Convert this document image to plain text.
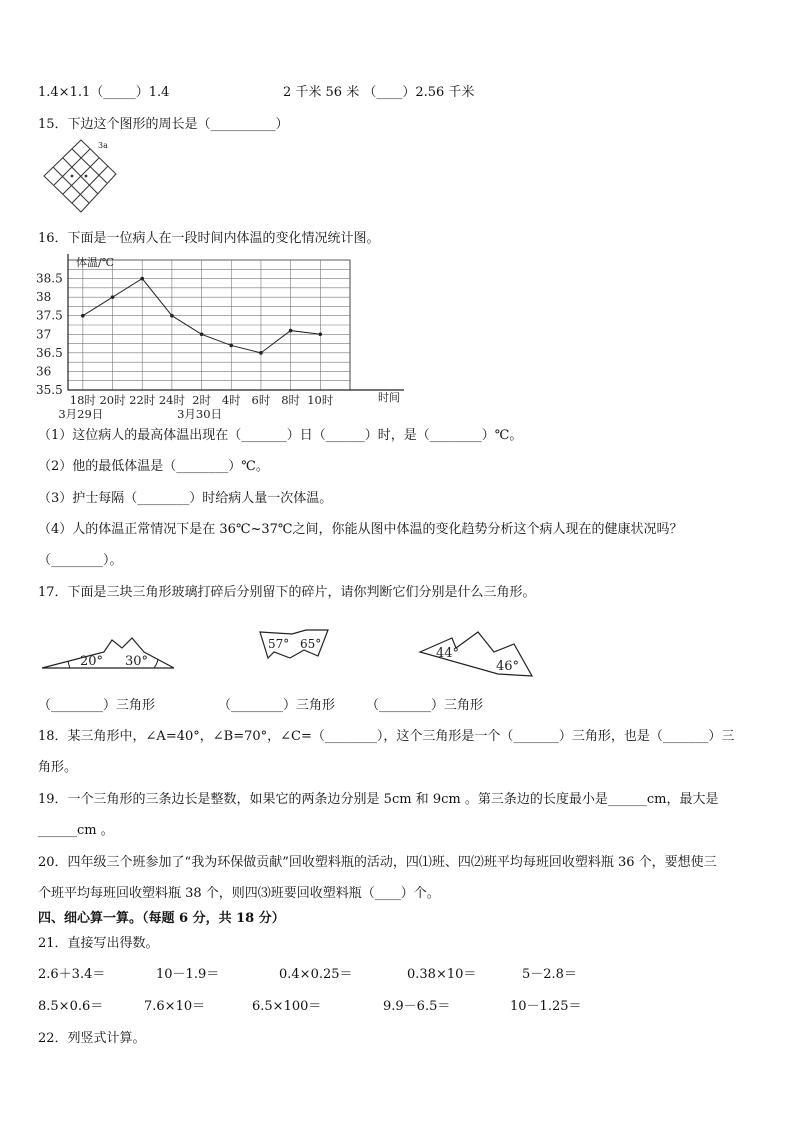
1.4×1.1（_____）1.4	2 千米 56 米 （____）2.56 千米
15．下边这个图形的周长是（__________）
3a
16．下面是一位病人在一段时间内体温的变化情况统计图。
35.5
36
36.5
37
37.5
38
38.5
体温/℃
18时 20时 22时 24时 2时 4时 6时 8时 10时	时间
3月29日	3月30日
（1）这位病人的最高体温出现在（_______）日（______）时，是（________）℃。
（2）他的最低体温是（________）℃。
（3）护士每隔（________）时给病人量一次体温。
（4）人的体温正常情况下是在 36℃~37℃之间，你能从图中体温的变化趋势分析这个病人现在的健康状况吗？
（________）。
17．下面是三块三角形玻璃打碎后分别留下的碎片，请你判断它们分别是什么三角形。
20° 30°
57° 65°
44°
46°
（________）三角形	（________）三角形 （________）三角形
18．某三角形中，∠A=40°，∠B=70°，∠C=（________），这个三角形是一个（_______）三角形，也是（_______）三
角形。
19．一个三角形的三条边长是整数，如果它的两条边分别是 5cm 和 9cm 。第三条边的长度最小是______cm，最大是
______cm 。
20．四年级三个班参加了“我为环保做贡献”回收塑料瓶的活动，四⑴班、四⑵班平均每班回收塑料瓶 36 个，要想使三
个班平均每班回收塑料瓶 38 个，则四⑶班要回收塑料瓶（____）个。
四、细心算一算。（每题 6 分，共 18 分）
21．直接写出得数。
2.6＋3.4＝	10－1.9＝	0.4×0.25＝	0.38×10＝	5－2.8＝
8.5×0.6＝	7.6×10＝	6.5×100＝	9.9－6.5＝	10－1.25＝
22．列竖式计算。
